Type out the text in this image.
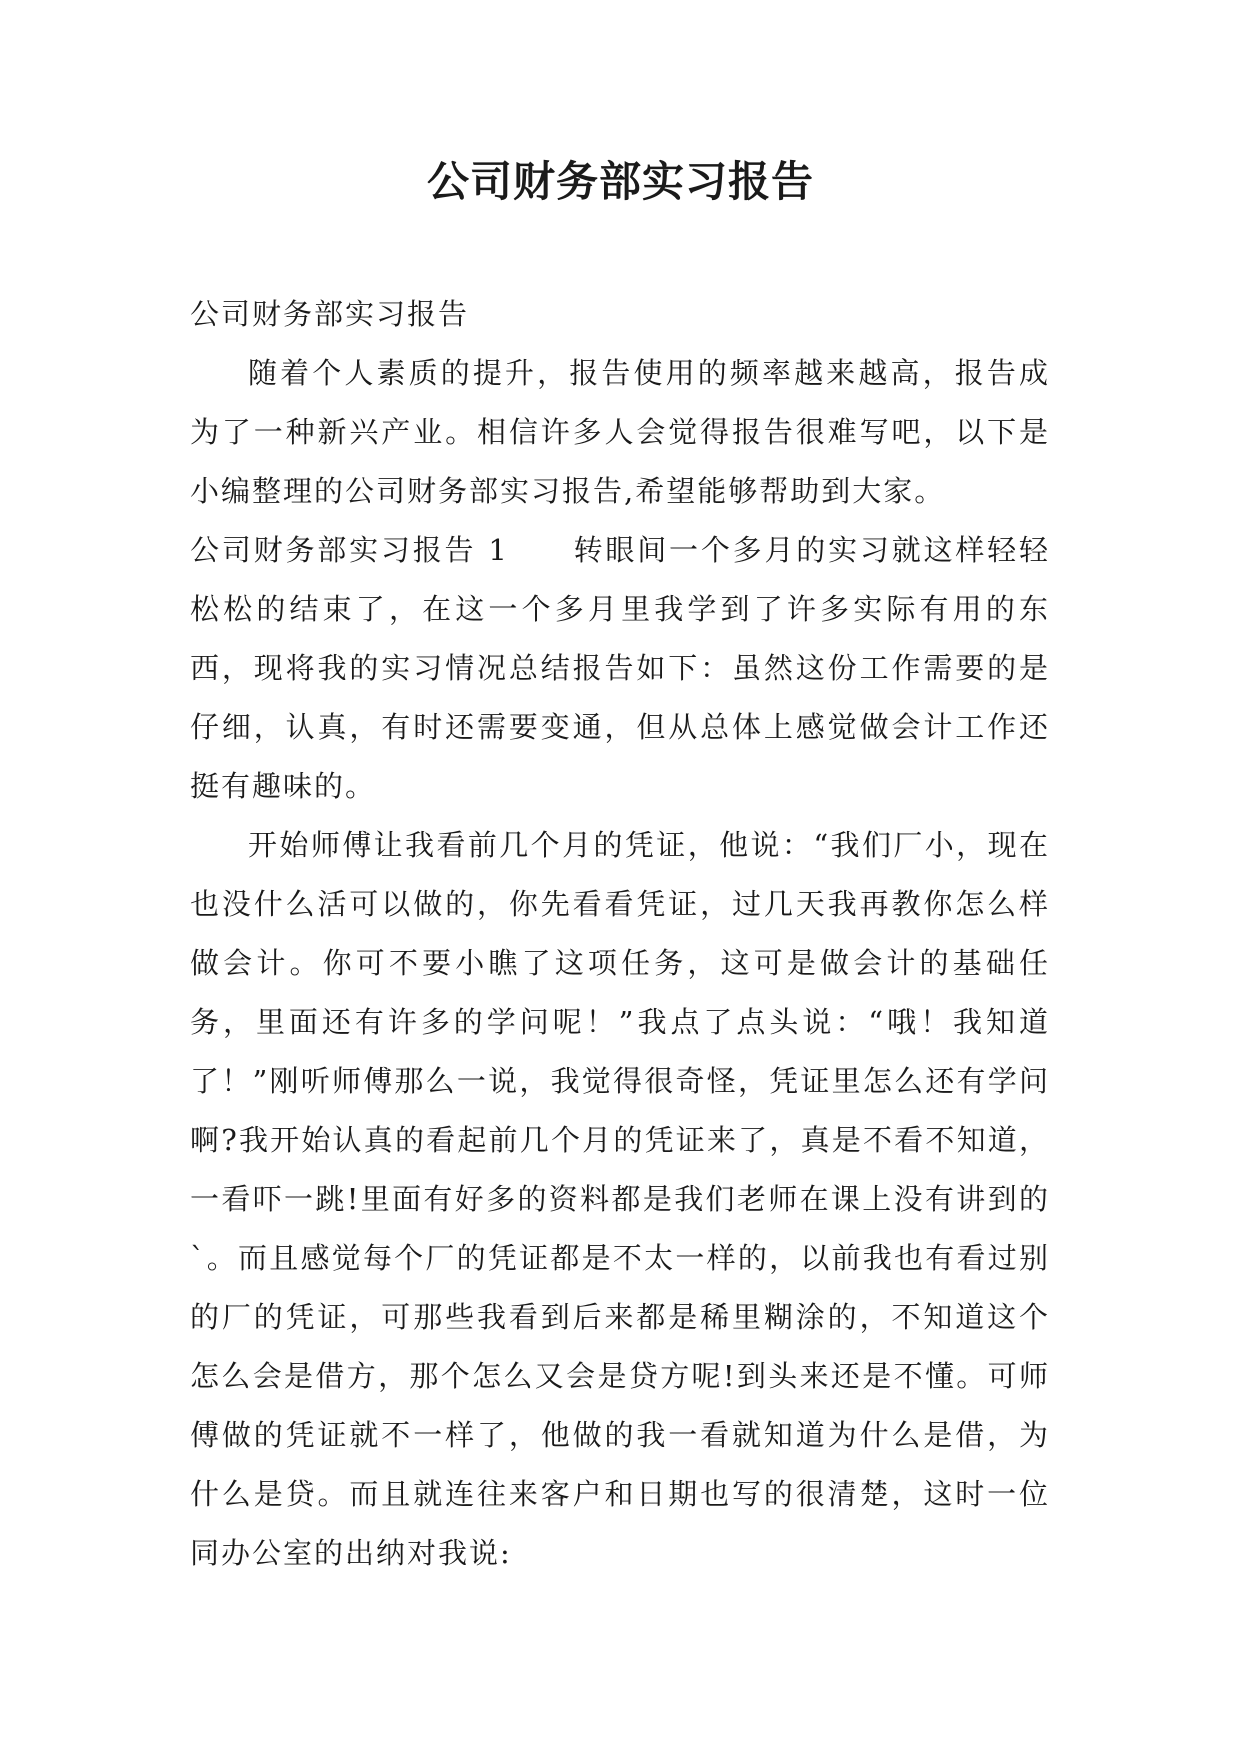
公司财务部实习报告

公司财务部实习报告

随着个人素质的提升，报告使用的频率越来越高，报告成为了一种新兴产业。相信许多人会觉得报告很难写吧，以下是小编整理的公司财务部实习报告,希望能够帮助到大家。

公司财务部实习报告 1 转眼间一个多月的实习就这样轻轻松松的结束了，在这一个多月里我学到了许多实际有用的东西，现将我的实习情况总结报告如下：虽然这份工作需要的是仔细，认真，有时还需要变通，但从总体上感觉做会计工作还挺有趣味的。

开始师傅让我看前几个月的凭证，他说：“我们厂小，现在也没什么活可以做的，你先看看凭证，过几天我再教你怎么样做会计。你可不要小瞧了这项任务，这可是做会计的基础任务，里面还有许多的学问呢！”我点了点头说：“哦！我知道了！”刚听师傅那么一说，我觉得很奇怪，凭证里怎么还有学问啊?我开始认真的看起前几个月的凭证来了，真是不看不知道，一看吓一跳!里面有好多的资料都是我们老师在课上没有讲到的`。而且感觉每个厂的凭证都是不太一样的，以前我也有看过别的厂的凭证，可那些我看到后来都是稀里糊涂的，不知道这个怎么会是借方，那个怎么又会是贷方呢!到头来还是不懂。可师傅做的凭证就不一样了，他做的我一看就知道为什么是借，为什么是贷。而且就连往来客户和日期也写的很清楚，这时一位同办公室的出纳对我说:
